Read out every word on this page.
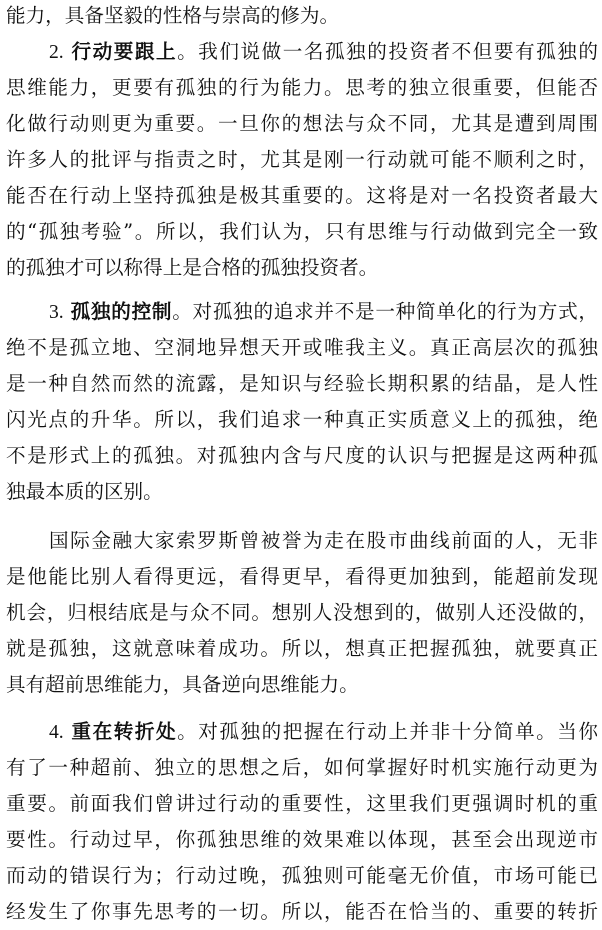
能力，具备坚毅的性格与崇高的修为。
2. 行动要跟上。我们说做一名孤独的投资者不但要有孤独的
思维能力，更要有孤独的行为能力。思考的独立很重要，但能否
化做行动则更为重要。一旦你的想法与众不同，尤其是遭到周围
许多人的批评与指责之时，尤其是刚一行动就可能不顺利之时，
能否在行动上坚持孤独是极其重要的。这将是对一名投资者最大
的“孤独考验”。所以，我们认为，只有思维与行动做到完全一致
的孤独才可以称得上是合格的孤独投资者。
3. 孤独的控制。对孤独的追求并不是一种简单化的行为方式，
绝不是孤立地、空洞地异想天开或唯我主义。真正高层次的孤独
是一种自然而然的流露，是知识与经验长期积累的结晶，是人性
闪光点的升华。所以，我们追求一种真正实质意义上的孤独，绝
不是形式上的孤独。对孤独内含与尺度的认识与把握是这两种孤
独最本质的区别。
国际金融大家索罗斯曾被誉为走在股市曲线前面的人，无非
是他能比别人看得更远，看得更早，看得更加独到，能超前发现
机会，归根结底是与众不同。想别人没想到的，做别人还没做的，
就是孤独，这就意味着成功。所以，想真正把握孤独，就要真正
具有超前思维能力，具备逆向思维能力。
4. 重在转折处。对孤独的把握在行动上并非十分简单。当你
有了一种超前、独立的思想之后，如何掌握好时机实施行动更为
重要。前面我们曾讲过行动的重要性，这里我们更强调时机的重
要性。行动过早，你孤独思维的效果难以体现，甚至会出现逆市
而动的错误行为；行动过晚，孤独则可能毫无价值，市场可能已
经发生了你事先思考的一切。所以，能否在恰当的、重要的转折
